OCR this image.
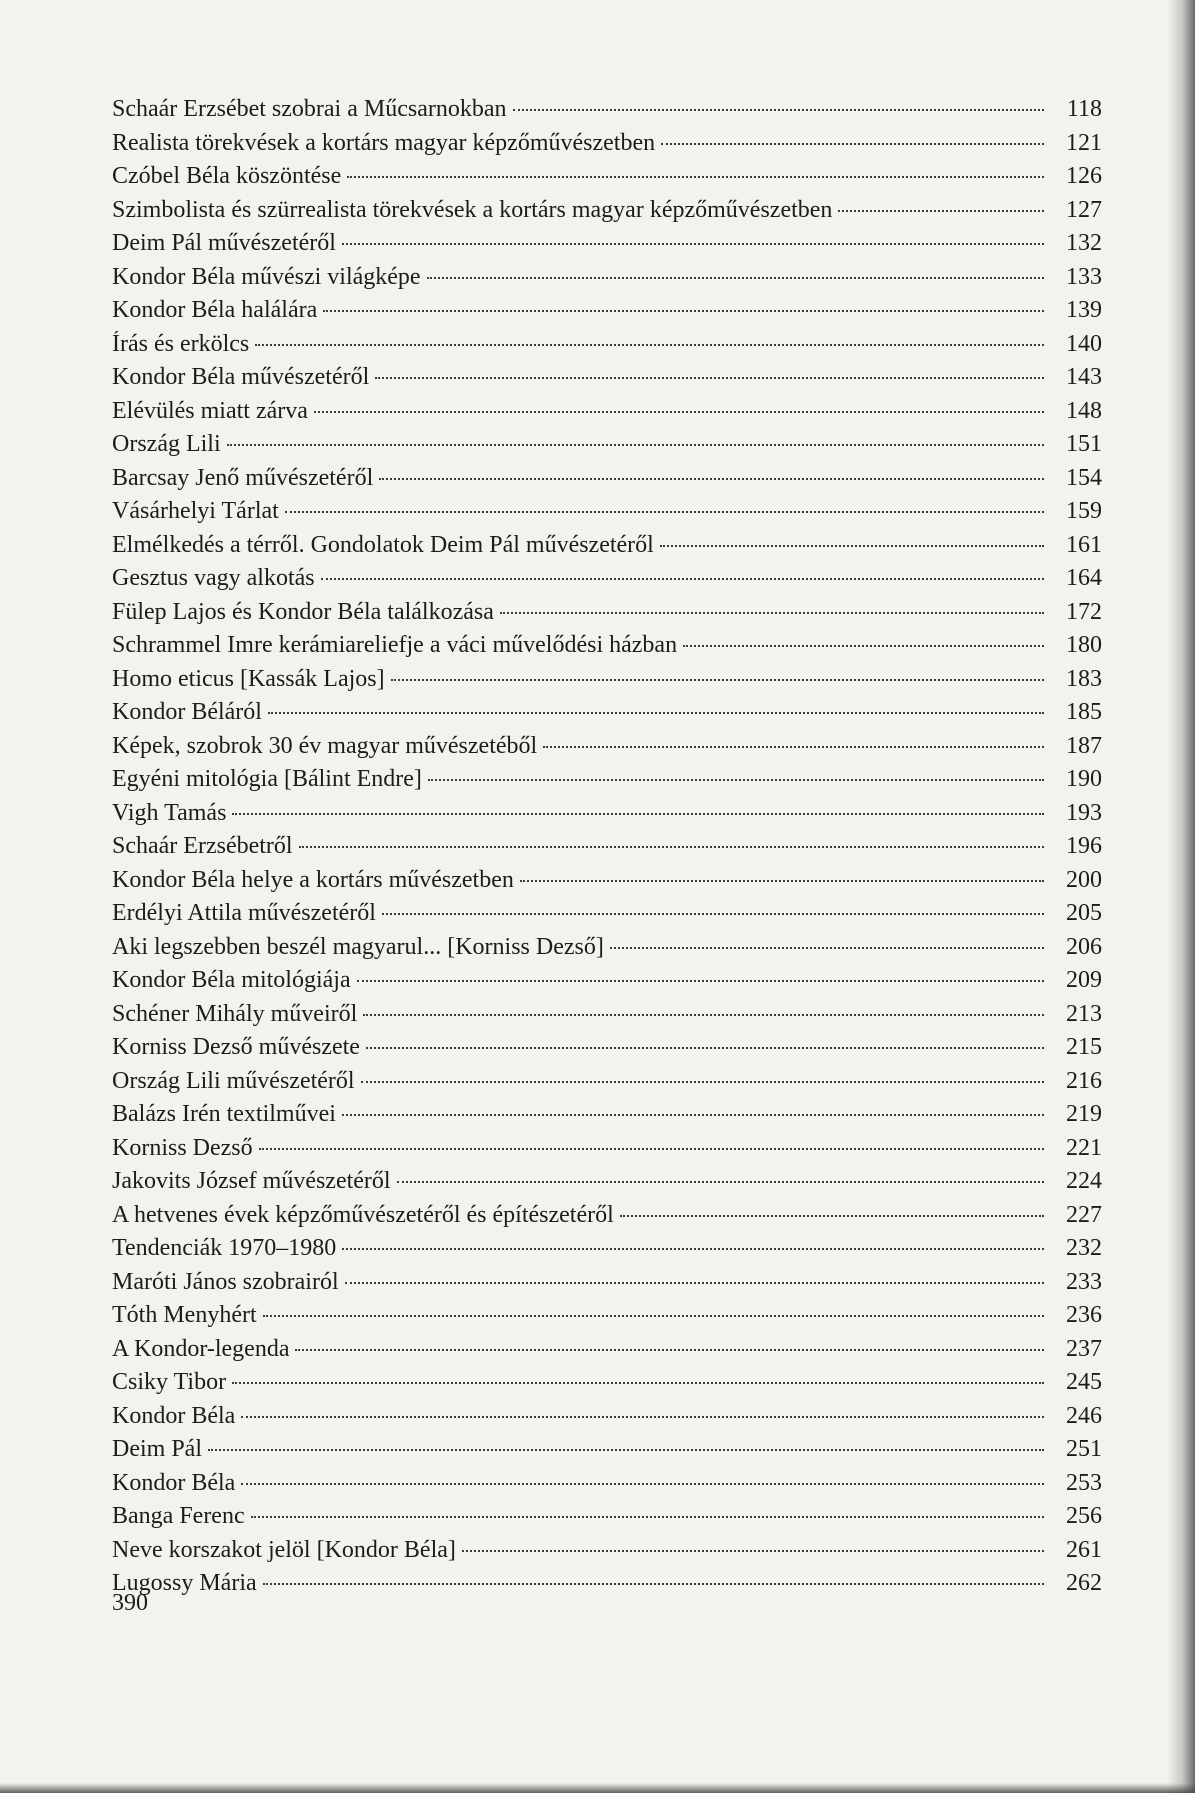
Schaár Erzsébet szobrai a Műcsarnokban	118
Realista törekvések a kortárs magyar képzőművészetben	121
Czóbel Béla köszöntése	126
Szimbolista és szürrealista törekvések a kortárs magyar képzőművészetben	127
Deim Pál művészetéről	132
Kondor Béla művészi világképe	133
Kondor Béla halálára	139
Írás és erkölcs	140
Kondor Béla művészetéről	143
Elévülés miatt zárva	148
Ország Lili	151
Barcsay Jenő művészetéről	154
Vásárhelyi Tárlat	159
Elmélkedés a térről. Gondolatok Deim Pál művészetéről	161
Gesztus vagy alkotás	164
Fülep Lajos és Kondor Béla találkozása	172
Schrammel Imre kerámiareliefje a váci művelődési házban	180
Homo eticus [Kassák Lajos]	183
Kondor Béláról	185
Képek, szobrok 30 év magyar művészetéből	187
Egyéni mitológia [Bálint Endre]	190
Vigh Tamás	193
Schaár Erzsébetről	196
Kondor Béla helye a kortárs művészetben	200
Erdélyi Attila művészetéről	205
Aki legszebben beszél magyarul... [Korniss Dezső]	206
Kondor Béla mitológiája	209
Schéner Mihály műveiről	213
Korniss Dezső művészete	215
Ország Lili művészetéről	216
Balázs Irén textilművei	219
Korniss Dezső	221
Jakovits József művészetéről	224
A hetvenes évek képzőművészetéről és építészetéről	227
Tendenciák 1970–1980	232
Maróti János szobrairól	233
Tóth Menyhért	236
A Kondor-legenda	237
Csiky Tibor	245
Kondor Béla	246
Deim Pál	251
Kondor Béla	253
Banga Ferenc	256
Neve korszakot jelöl [Kondor Béla]	261
Lugossy Mária	262
390
